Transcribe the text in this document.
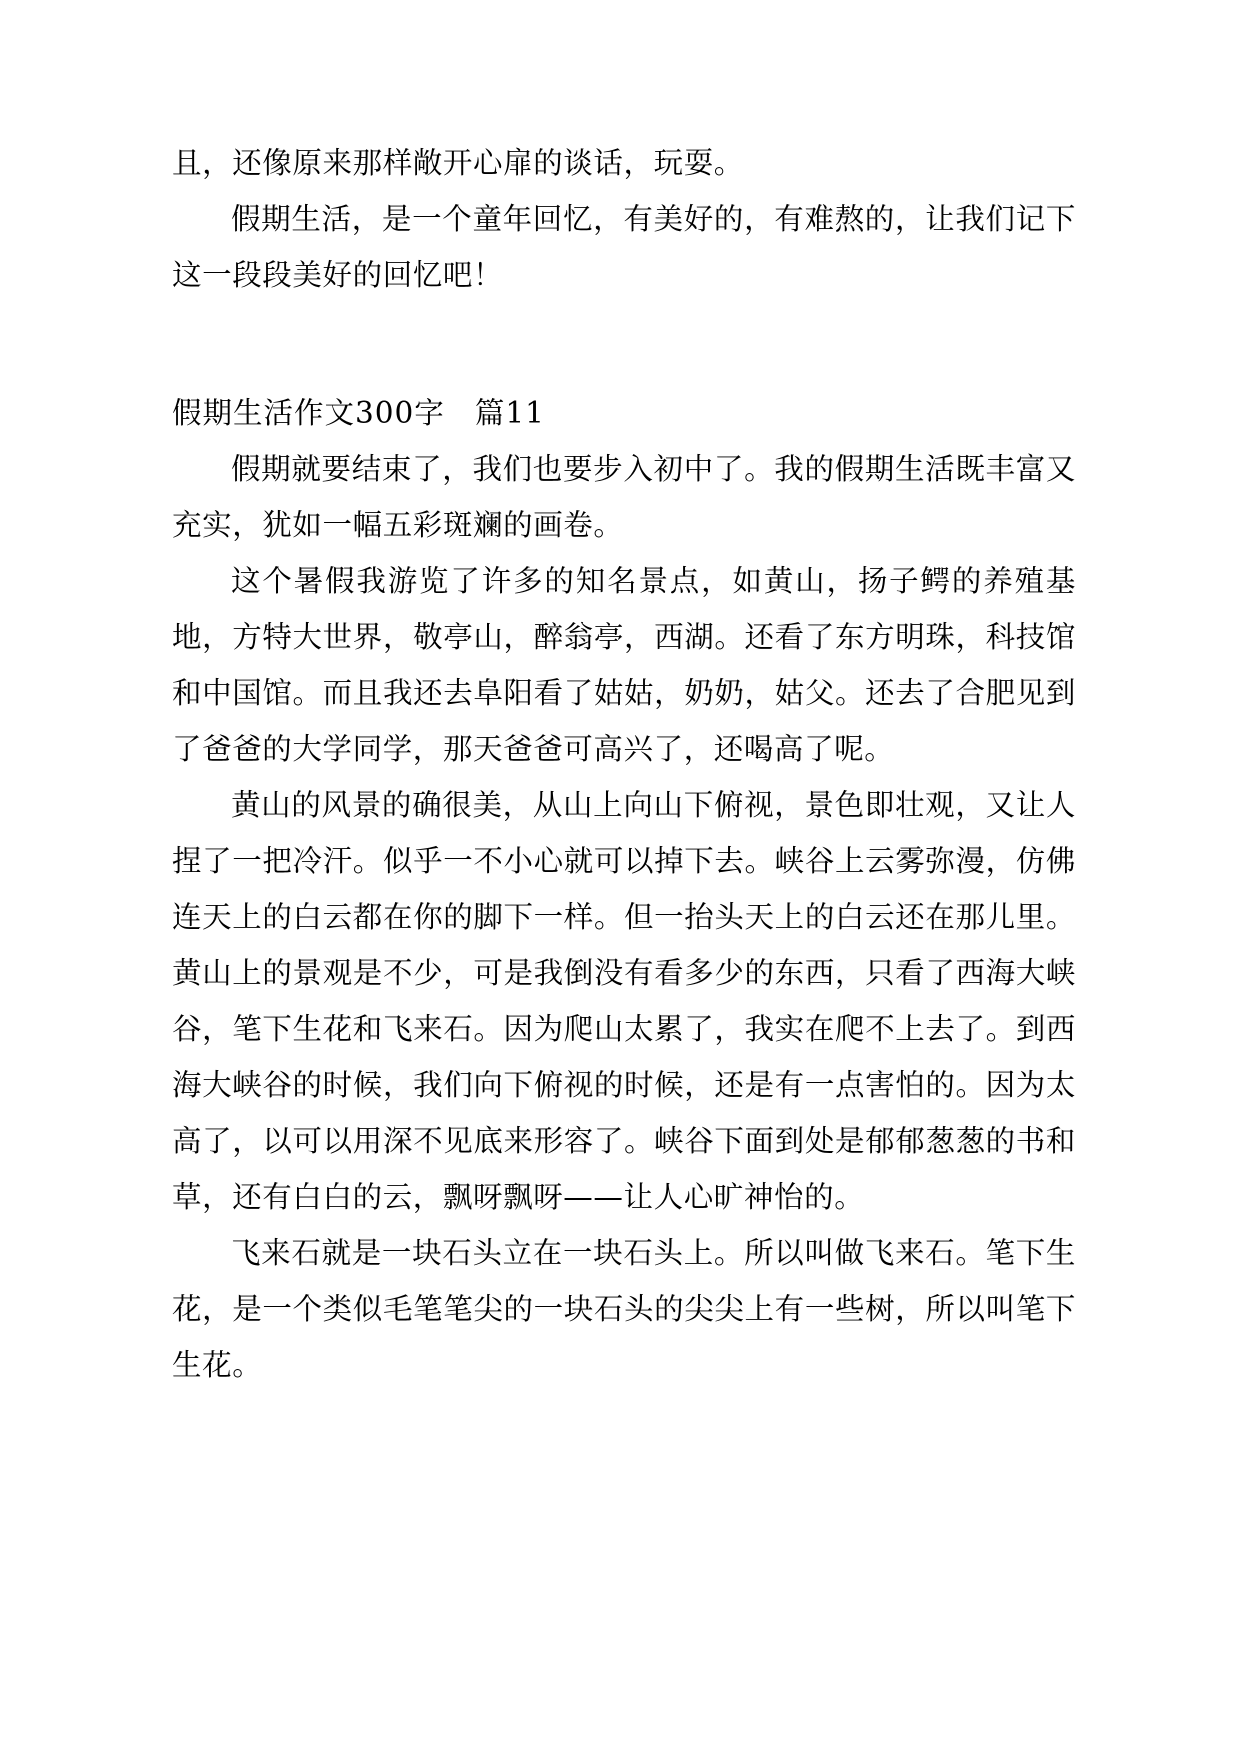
且，还像原来那样敞开心扉的谈话，玩耍。

假期生活，是一个童年回忆，有美好的，有难熬的，让我们记下这一段段美好的回忆吧！

假期生活作文300字 篇11

假期就要结束了，我们也要步入初中了。我的假期生活既丰富又充实，犹如一幅五彩斑斓的画卷。

这个暑假我游览了许多的知名景点，如黄山，扬子鳄的养殖基地，方特大世界，敬亭山，醉翁亭，西湖。还看了东方明珠，科技馆和中国馆。而且我还去阜阳看了姑姑，奶奶，姑父。还去了合肥见到了爸爸的大学同学，那天爸爸可高兴了，还喝高了呢。

黄山的风景的确很美，从山上向山下俯视，景色即壮观，又让人捏了一把冷汗。似乎一不小心就可以掉下去。峡谷上云雾弥漫，仿佛连天上的白云都在你的脚下一样。但一抬头天上的白云还在那儿里。黄山上的景观是不少，可是我倒没有看多少的东西，只看了西海大峡谷，笔下生花和飞来石。因为爬山太累了，我实在爬不上去了。到西海大峡谷的时候，我们向下俯视的时候，还是有一点害怕的。因为太高了，以可以用深不见底来形容了。峡谷下面到处是郁郁葱葱的书和草，还有白白的云，飘呀飘呀——让人心旷神怡的。

飞来石就是一块石头立在一块石头上。所以叫做飞来石。笔下生花，是一个类似毛笔笔尖的一块石头的尖尖上有一些树，所以叫笔下生花。
